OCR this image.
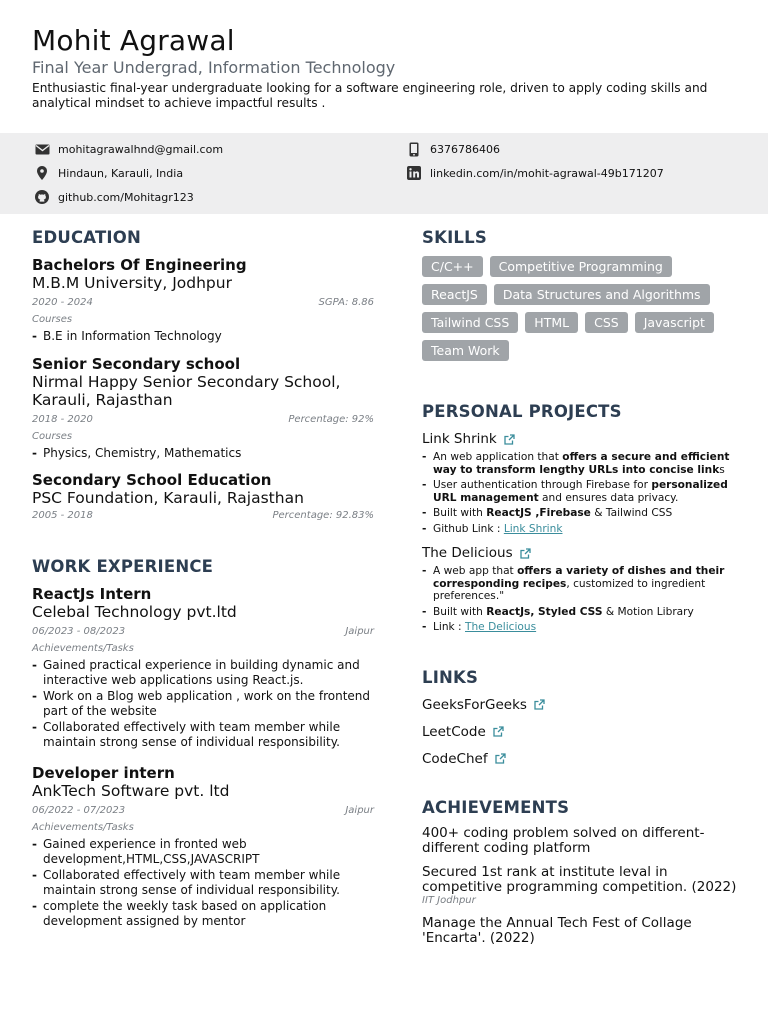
Mohit Agrawal
Final Year Undergrad, Information Technology
Enthusiastic final-year undergraduate looking for a software engineering role, driven to apply coding skills and analytical mindset to achieve impactful results .
mohitagrawalhnd@gmail.com	6376786406
Hindaun, Karauli, India	linkedin.com/in/mohit-agrawal-49b171207
github.com/Mohitagr123
EDUCATION
Bachelors Of Engineering
M.B.M University, Jodhpur
2020 - 2024	SGPA: 8.86
Courses
- B.E in Information Technology
Senior Secondary school
Nirmal Happy Senior Secondary School, Karauli, Rajasthan
2018 - 2020	Percentage: 92%
Courses
- Physics, Chemistry, Mathematics
Secondary School Education
PSC Foundation, Karauli, Rajasthan
2005 - 2018	Percentage: 92.83%
WORK EXPERIENCE
ReactJs Intern
Celebal Technology pvt.ltd
06/2023 - 08/2023	Jaipur
Achievements/Tasks
- Gained practical experience in building dynamic and interactive web applications using React.js.
- Work on a Blog web application , work on the frontend part of the website
- Collaborated effectively with team member while maintain strong sense of individual responsibility.
Developer intern
AnkTech Software pvt. ltd
06/2022 - 07/2023	Jaipur
Achievements/Tasks
- Gained experience in fronted web development,HTML,CSS,JAVASCRIPT
- Collaborated effectively with team member while maintain strong sense of individual responsibility.
- complete the weekly task based on application development assigned by mentor
SKILLS
C/C++	Competitive Programming
ReactJS	Data Structures and Algorithms
Tailwind CSS	HTML	CSS	Javascript
Team Work
PERSONAL PROJECTS
Link Shrink
- An web application that offers a secure and efficient way to transform lengthy URLs into concise links
- User authentication through Firebase for personalized URL management and ensures data privacy.
- Built with ReactJS ,Firebase & Tailwind CSS
- Github Link : Link Shrink
The Delicious
- A web app that offers a variety of dishes and their corresponding recipes, customized to ingredient preferences."
- Built with ReactJs, Styled CSS & Motion Library
- Link : The Delicious
LINKS
GeeksForGeeks
LeetCode
CodeChef
ACHIEVEMENTS
400+ coding problem solved on different-different coding platform
Secured 1st rank at institute leval in competitive programming competition. (2022)
IIT Jodhpur
Manage the Annual Tech Fest of Collage 'Encarta'. (2022)
